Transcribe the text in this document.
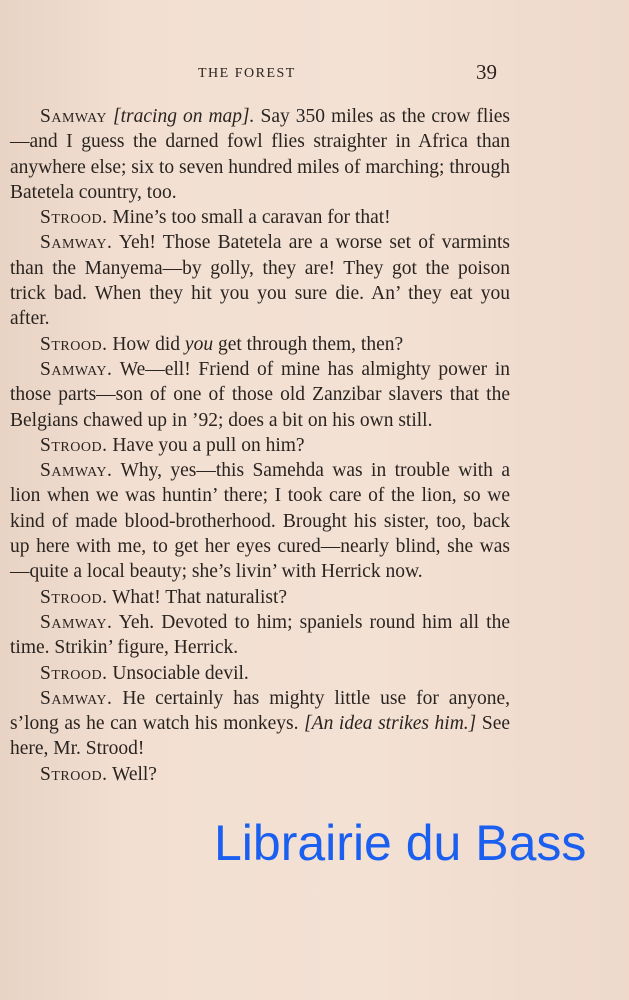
THE FOREST	39

Samway [tracing on map]. Say 350 miles as the crow flies—and I guess the darned fowl flies straighter in Africa than anywhere else; six to seven hundred miles of marching; through Batetela country, too.

Strood. Mine’s too small a caravan for that!

Samway. Yeh! Those Batetela are a worse set of varmints than the Manyema—by golly, they are! They got the poison trick bad. When they hit you you sure die. An’ they eat you after.

Strood. How did you get through them, then?

Samway. We—ell! Friend of mine has almighty power in those parts—son of one of those old Zanzibar slavers that the Belgians chawed up in ’92; does a bit on his own still.

Strood. Have you a pull on him?

Samway. Why, yes—this Samehda was in trouble with a lion when we was huntin’ there; I took care of the lion, so we kind of made blood-brotherhood. Brought his sister, too, back up here with me, to get her eyes cured—nearly blind, she was—quite a local beauty; she’s livin’ with Herrick now.

Strood. What! That naturalist?

Samway. Yeh. Devoted to him; spaniels round him all the time. Strikin’ figure, Herrick.

Strood. Unsociable devil.

Samway. He certainly has mighty little use for anyone, s’long as he can watch his monkeys. [An idea strikes him.] See here, Mr. Strood!

Strood. Well?

Librairie du Bass
